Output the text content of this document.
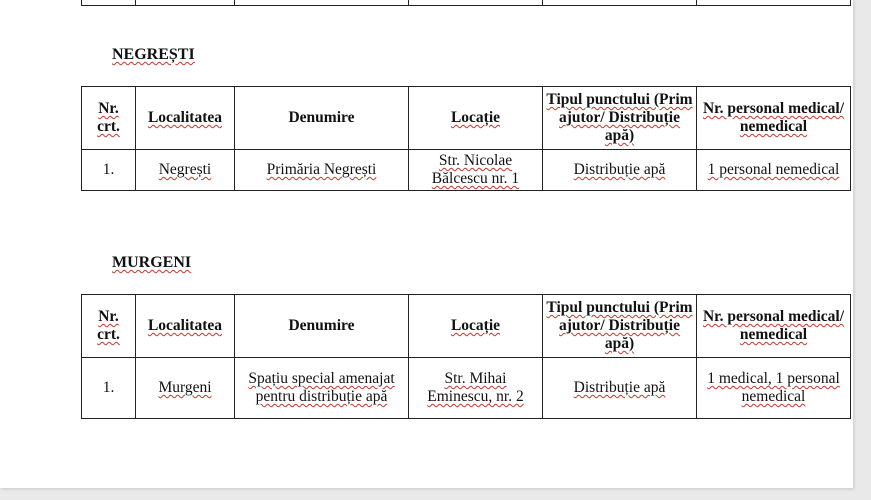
NEGREȘTI

Nr. crt.	Localitatea	Denumire	Locație	Tipul punctului (Prim ajutor/ Distribuție apă)	Nr. personal medical/ nemedical
1.	Negrești	Primăria Negrești	Str. Nicolae Bălcescu nr. 1	Distribuție apă	1 personal nemedical

MURGENI

Nr. crt.	Localitatea	Denumire	Locație	Tipul punctului (Prim ajutor/ Distribuție apă)	Nr. personal medical/ nemedical
1.	Murgeni	Spațiu special amenajat pentru distribuție apă	Str. Mihai Eminescu, nr. 2	Distribuție apă	1 medical, 1 personal nemedical
